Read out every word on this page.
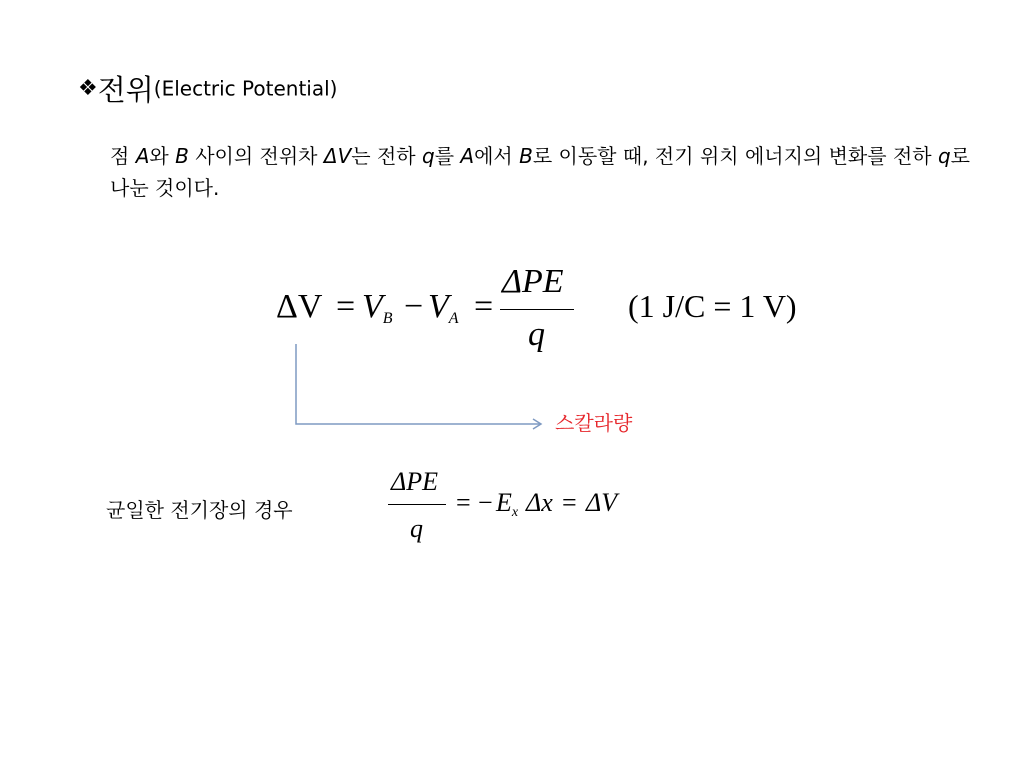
❖전위(Electric Potential)
점 A와 B 사이의 전위차 ΔV는 전하 q를 A에서 B로 이동할 때, 전기 위치 에너지의 변화를 전하 q로 나눈 것이다.
$\Delta V = V_B - V_A$ =
ΔPE
q
(1 J/C = 1 V)
스칼라량
균일한 전기장의 경우
ΔPE
q
= − Ex Δx = ΔV
